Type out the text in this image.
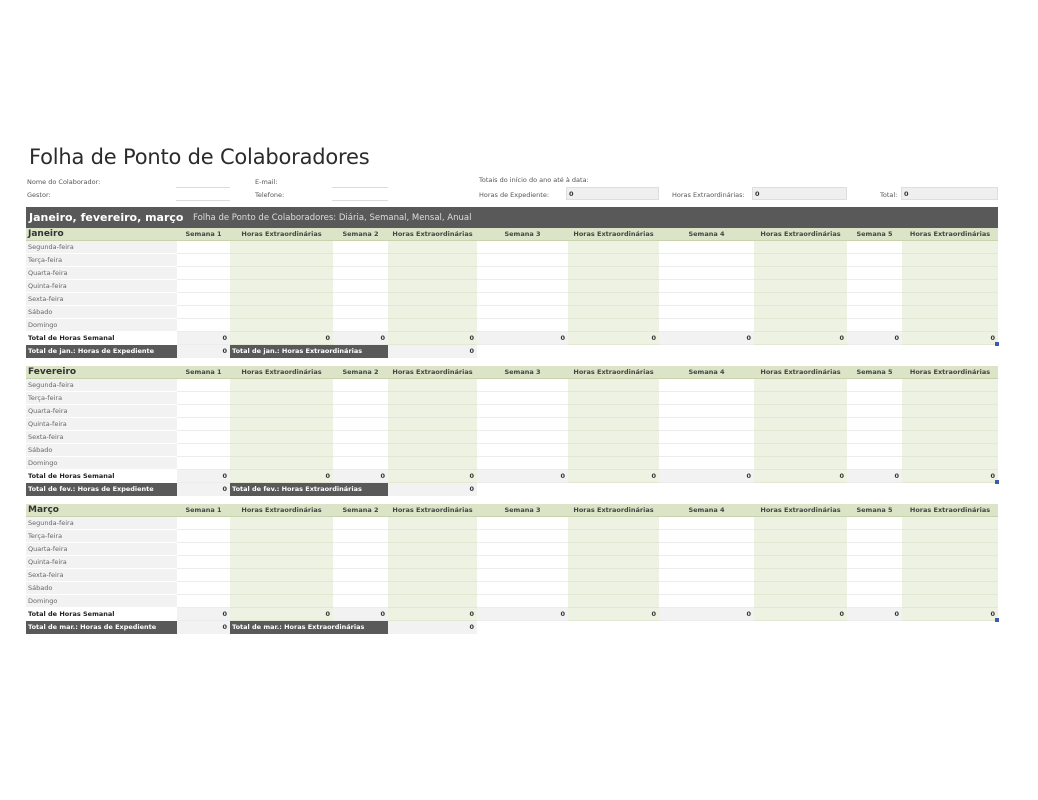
Folha de Ponto de Colaboradores
Nome do Colaborador:
Gestor:
E-mail:
Telefone:
Totais do início do ano até à data:
Horas de Expediente:	0	Horas Extraordinárias:	0	Total:	0
Janeiro, fevereiro, março Folha de Ponto de Colaboradores: Diária, Semanal, Mensal, Anual
Janeiro	Semana 1	Horas Extraordinárias	Semana 2	Horas Extraordinárias	Semana 3	Horas Extraordinárias	Semana 4	Horas Extraordinárias	Semana 5	Horas Extraordinárias
Segunda-feira
Terça-feira
Quarta-feira
Quinta-feira
Sexta-feira
Sábado
Domingo
Total de Horas Semanal	0	0	0	0	0	0	0	0	0	0
Total de jan.: Horas de Expediente	0 Total de jan.: Horas Extraordinárias	0
Fevereiro	Semana 1	Horas Extraordinárias	Semana 2	Horas Extraordinárias	Semana 3	Horas Extraordinárias	Semana 4	Horas Extraordinárias	Semana 5	Horas Extraordinárias
Segunda-feira
Terça-feira
Quarta-feira
Quinta-feira
Sexta-feira
Sábado
Domingo
Total de Horas Semanal	0	0	0	0	0	0	0	0	0	0
Total de fev.: Horas de Expediente	0 Total de fev.: Horas Extraordinárias	0
Março	Semana 1	Horas Extraordinárias	Semana 2	Horas Extraordinárias	Semana 3	Horas Extraordinárias	Semana 4	Horas Extraordinárias	Semana 5	Horas Extraordinárias
Segunda-feira
Terça-feira
Quarta-feira
Quinta-feira
Sexta-feira
Sábado
Domingo
Total de Horas Semanal	0	0	0	0	0	0	0	0	0	0
Total de mar.: Horas de Expediente	0 Total de mar.: Horas Extraordinárias	0
